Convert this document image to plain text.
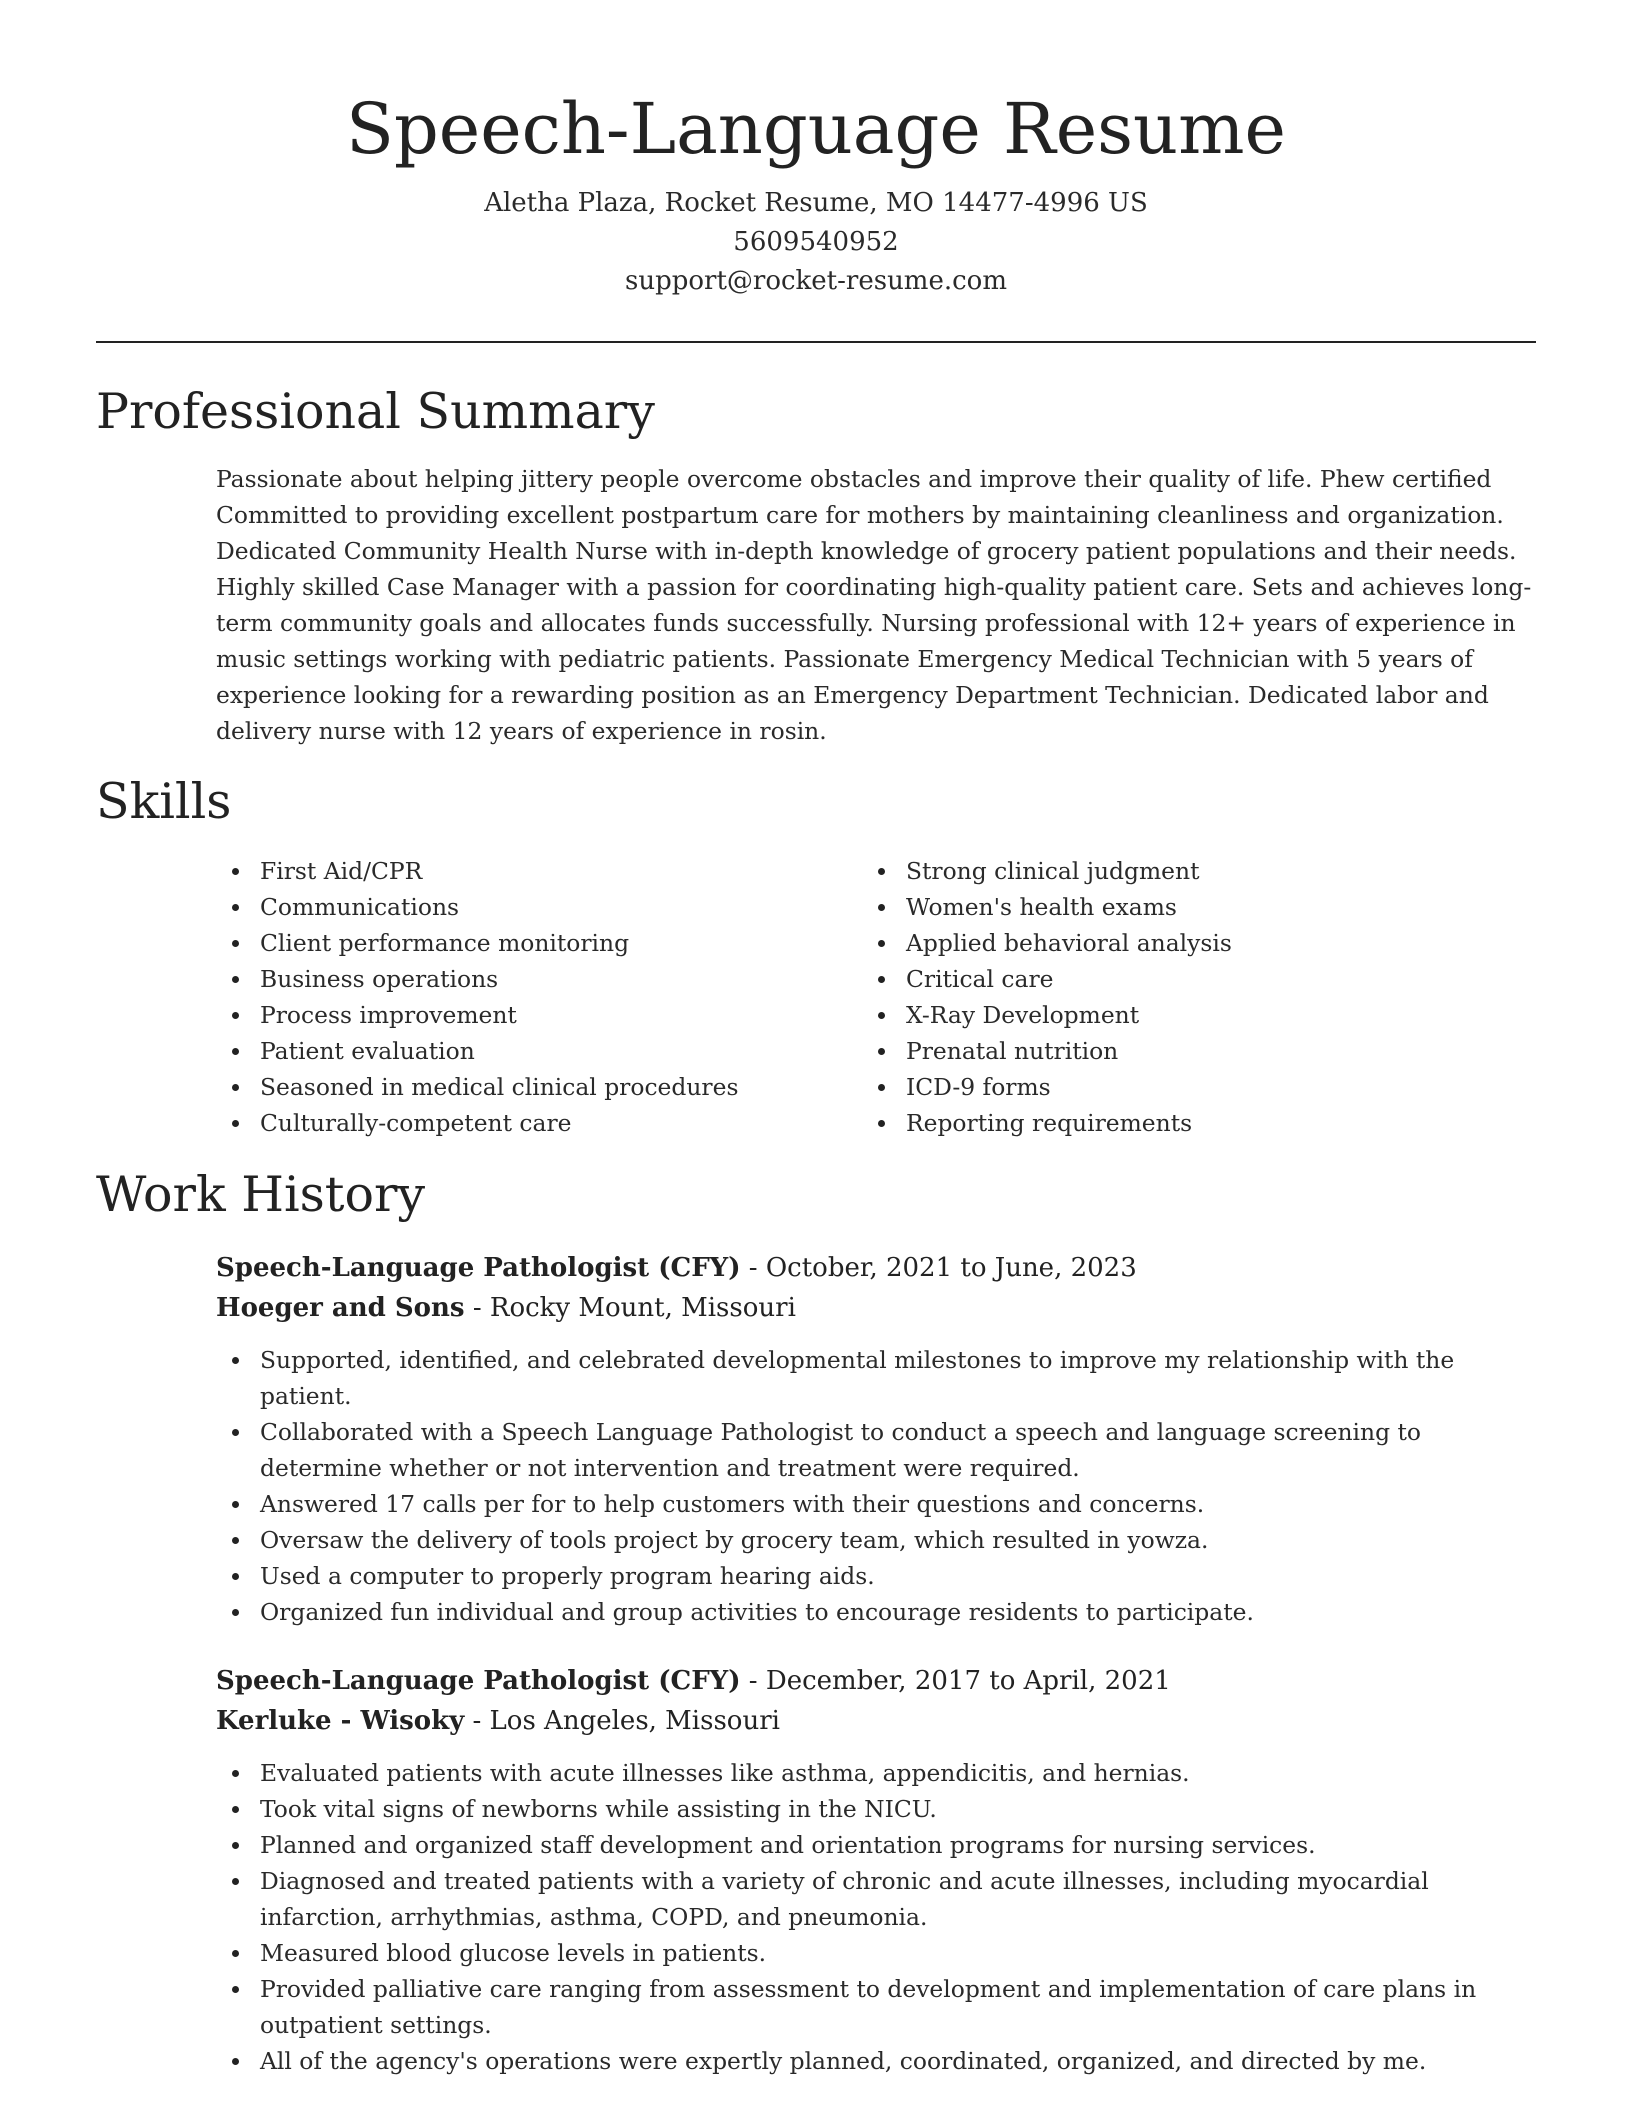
Speech-Language Resume
Aletha Plaza, Rocket Resume, MO 14477-4996 US
5609540952
support@rocket-resume.com
Professional Summary
Passionate about helping jittery people overcome obstacles and improve their quality of life. Phew certified Committed to providing excellent postpartum care for mothers by maintaining cleanliness and organization. Dedicated Community Health Nurse with in-depth knowledge of grocery patient populations and their needs. Highly skilled Case Manager with a passion for coordinating high-quality patient care. Sets and achieves long-term community goals and allocates funds successfully. Nursing professional with 12+ years of experience in music settings working with pediatric patients. Passionate Emergency Medical Technician with 5 years of experience looking for a rewarding position as an Emergency Department Technician. Dedicated labor and delivery nurse with 12 years of experience in rosin.
Skills
First Aid/CPR
Communications
Client performance monitoring
Business operations
Process improvement
Patient evaluation
Seasoned in medical clinical procedures
Culturally-competent care
Strong clinical judgment
Women's health exams
Applied behavioral analysis
Critical care
X-Ray Development
Prenatal nutrition
ICD-9 forms
Reporting requirements
Work History
Speech-Language Pathologist (CFY) - October, 2021 to June, 2023
Hoeger and Sons - Rocky Mount, Missouri
Supported, identified, and celebrated developmental milestones to improve my relationship with the patient.
Collaborated with a Speech Language Pathologist to conduct a speech and language screening to determine whether or not intervention and treatment were required.
Answered 17 calls per for to help customers with their questions and concerns.
Oversaw the delivery of tools project by grocery team, which resulted in yowza.
Used a computer to properly program hearing aids.
Organized fun individual and group activities to encourage residents to participate.
Speech-Language Pathologist (CFY) - December, 2017 to April, 2021
Kerluke - Wisoky - Los Angeles, Missouri
Evaluated patients with acute illnesses like asthma, appendicitis, and hernias.
Took vital signs of newborns while assisting in the NICU.
Planned and organized staff development and orientation programs for nursing services.
Diagnosed and treated patients with a variety of chronic and acute illnesses, including myocardial infarction, arrhythmias, asthma, COPD, and pneumonia.
Measured blood glucose levels in patients.
Provided palliative care ranging from assessment to development and implementation of care plans in outpatient settings.
All of the agency's operations were expertly planned, coordinated, organized, and directed by me.
